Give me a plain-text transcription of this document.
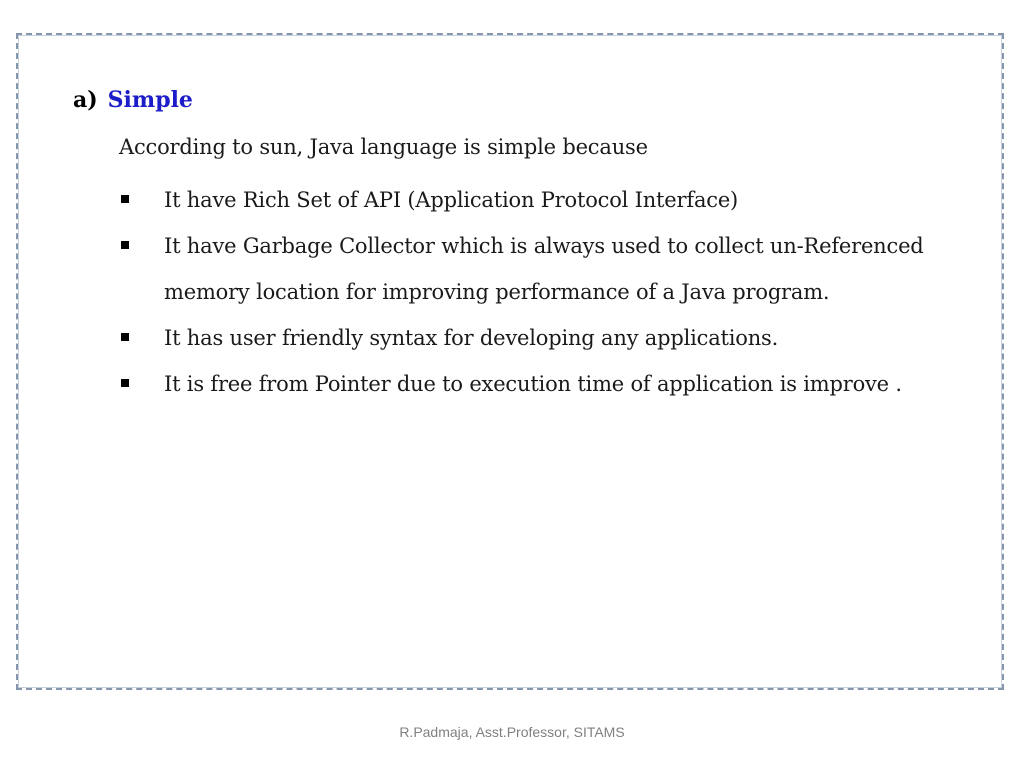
a) Simple
According to sun, Java language is simple because
It have Rich Set of API (Application Protocol Interface)
It have Garbage Collector which is always used to collect un-Referenced
memory location for improving performance of a Java program.
It has user friendly syntax for developing any applications.
It is free from Pointer due to execution time of application is improve .
R.Padmaja, Asst.Professor, SITAMS
